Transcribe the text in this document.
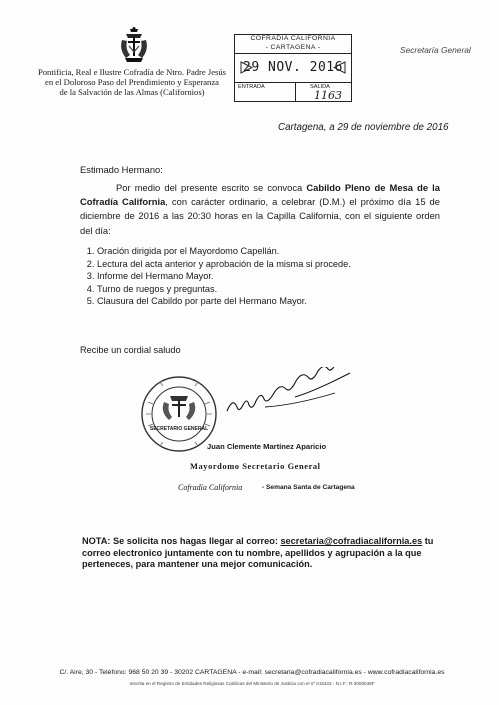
Pontificia, Real e Ilustre Cofradía de Ntro. Padre Jesús
en el Doloroso Paso del Prendimiento y Esperanza
de la Salvación de las Almas (Californios)
COFRADIA CALIFORNIA
- CARTAGENA -
29 NOV. 2016
ENTRADA	SALIDA
1163
Secretaría General
Cartagena, a 29 de noviembre de 2016
Estimado Hermano:
Por medio del presente escrito se convoca Cabildo Pleno de Mesa de la Cofradía California, con carácter ordinario, a celebrar (D.M.) el próximo día 15 de diciembre de 2016 a las 20:30 horas en la Capilla California, con el siguiente orden del día:
1. Oración dirigida por el Mayordomo Capellán.
2. Lectura del acta anterior y aprobación de la misma si procede.
3. Informe del Hermano Mayor.
4. Turno de ruegos y preguntas.
5. Clausura del Cabildo por parte del Hermano Mayor.
Recibe un cordial saludo
SECRETARIO GENERAL
Juan Clemente Martínez Aparicio
Mayordomo Secretario General
Cofradía California	- Semana Santa de Cartagena
NOTA: Se solicita nos hagas llegar al correo: secretaria@cofradiacalifornia.es tu correo electronico juntamente con tu nombre, apellidos y agrupación a la que perteneces, para mantener una mejor comunicación.
C/. Aire, 30 - Teléfono: 968 50 20 39 - 30202 CARTAGENA - e-mail: secretaria@cofradiacalifornia.es - www.cofradiacalifornia.es
Inscrita en el Registro de Entidades Religiosas Católicas del Ministerio de Justicia con el nº 015423 - N.I.F.: R-3000048F
